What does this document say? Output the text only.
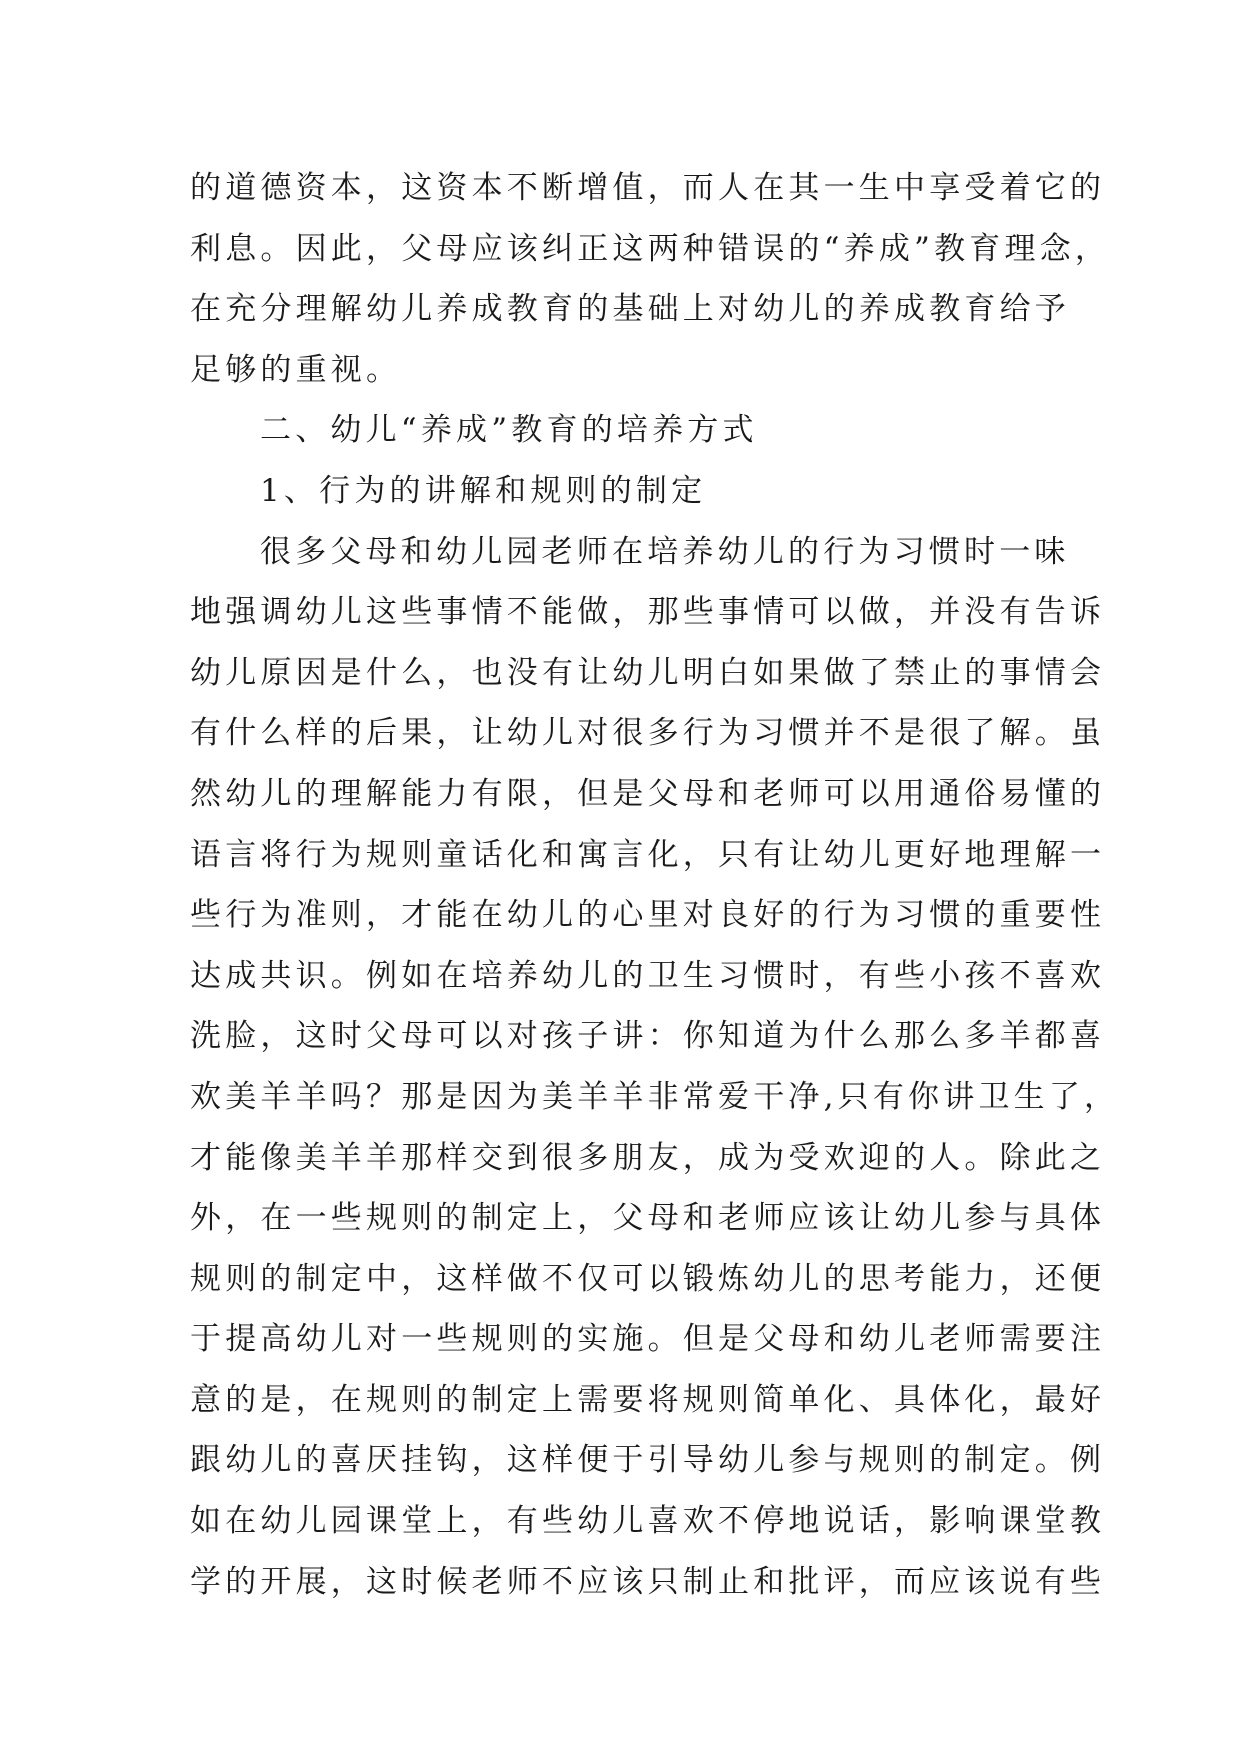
的道德资本，这资本不断增值，而人在其一生中享受着它的
利息。因此，父母应该纠正这两种错误的“养成”教育理念，
在充分理解幼儿养成教育的基础上对幼儿的养成教育给予
足够的重视。

二、幼儿“养成”教育的培养方式

1、行为的讲解和规则的制定

很多父母和幼儿园老师在培养幼儿的行为习惯时一味
地强调幼儿这些事情不能做，那些事情可以做，并没有告诉
幼儿原因是什么，也没有让幼儿明白如果做了禁止的事情会
有什么样的后果，让幼儿对很多行为习惯并不是很了解。虽
然幼儿的理解能力有限，但是父母和老师可以用通俗易懂的
语言将行为规则童话化和寓言化，只有让幼儿更好地理解一
些行为准则，才能在幼儿的心里对良好的行为习惯的重要性
达成共识。例如在培养幼儿的卫生习惯时，有些小孩不喜欢
洗脸，这时父母可以对孩子讲：你知道为什么那么多羊都喜
欢美羊羊吗？那是因为美羊羊非常爱干净,只有你讲卫生了，
才能像美羊羊那样交到很多朋友，成为受欢迎的人。除此之
外，在一些规则的制定上，父母和老师应该让幼儿参与具体
规则的制定中，这样做不仅可以锻炼幼儿的思考能力，还便
于提高幼儿对一些规则的实施。但是父母和幼儿老师需要注
意的是，在规则的制定上需要将规则简单化、具体化，最好
跟幼儿的喜厌挂钩，这样便于引导幼儿参与规则的制定。例
如在幼儿园课堂上，有些幼儿喜欢不停地说话，影响课堂教
学的开展，这时候老师不应该只制止和批评，而应该说有些
